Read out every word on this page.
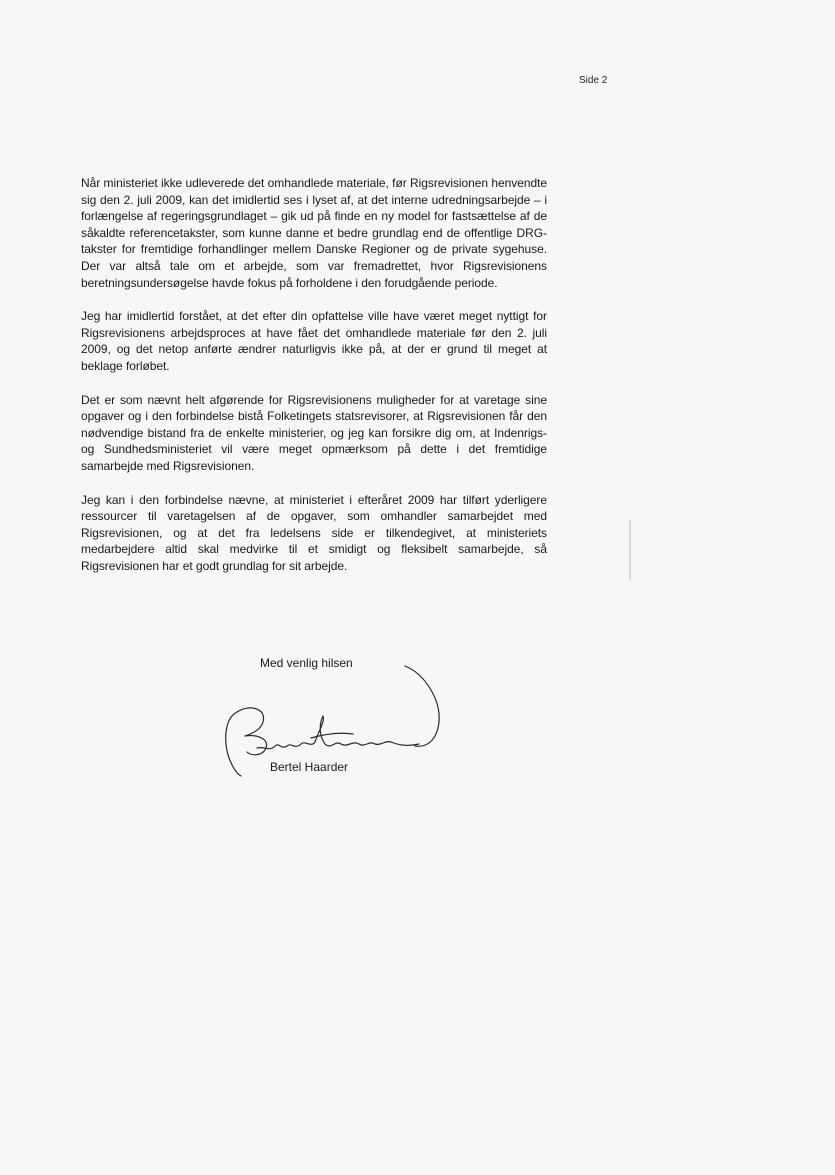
Side 2

Når ministeriet ikke udleverede det omhandlede materiale, før Rigsrevisionen henvendte sig den 2. juli 2009, kan det imidlertid ses i lyset af, at det interne udredningsarbejde – i forlængelse af regeringsgrundlaget – gik ud på finde en ny model for fastsættelse af de såkaldte referencetakster, som kunne danne et bedre grundlag end de offentlige DRG-takster for fremtidige forhandlinger mellem Danske Regioner og de private sygehuse. Der var altså tale om et arbejde, som var fremadrettet, hvor Rigsrevisionens beretningsundersøgelse havde fokus på forholdene i den forudgående periode.

Jeg har imidlertid forstået, at det efter din opfattelse ville have været meget nyttigt for Rigsrevisionens arbejdsproces at have fået det omhandlede materiale før den 2. juli 2009, og det netop anførte ændrer naturligvis ikke på, at der er grund til meget at beklage forløbet.

Det er som nævnt helt afgørende for Rigsrevisionens muligheder for at varetage sine opgaver og i den forbindelse bistå Folketingets statsrevisorer, at Rigsrevisionen får den nødvendige bistand fra de enkelte ministerier, og jeg kan forsikre dig om, at Indenrigs- og Sundhedsministeriet vil være meget opmærksom på dette i det fremtidige samarbejde med Rigsrevisionen.

Jeg kan i den forbindelse nævne, at ministeriet i efteråret 2009 har tilført yderligere ressourcer til varetagelsen af de opgaver, som omhandler samarbejdet med Rigsrevisionen, og at det fra ledelsens side er tilkendegivet, at ministeriets medarbejdere altid skal medvirke til et smidigt og fleksibelt samarbejde, så Rigsrevisionen har et godt grundlag for sit arbejde.

Med venlig hilsen
Bertel Haarder
